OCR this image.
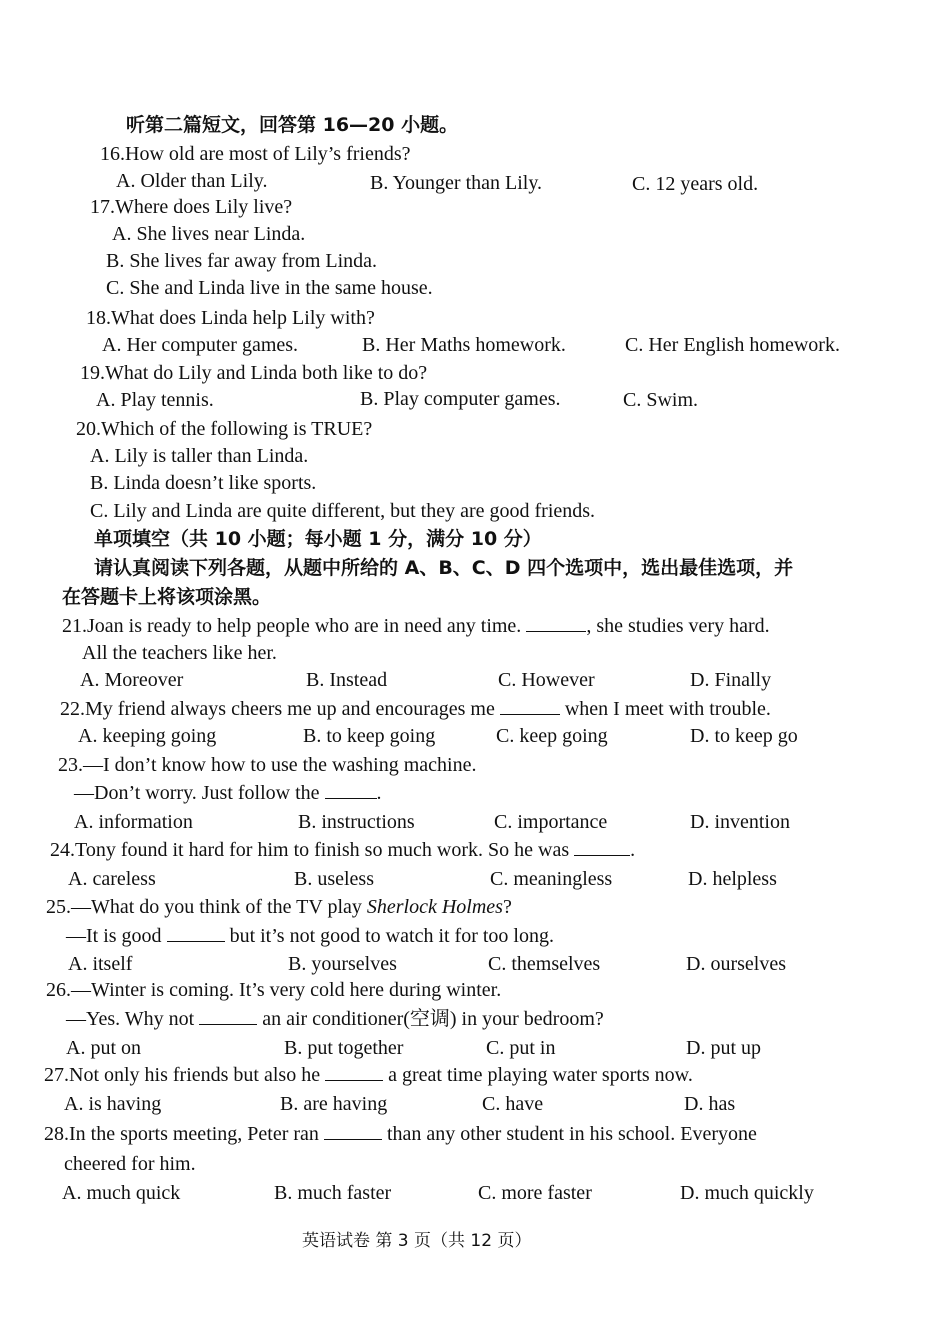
听第二篇短文，回答第 16—20 小题。
16.How old are most of Lily’s friends?
A. Older than Lily.	B. Younger than Lily.	C. 12 years old.
17.Where does Lily live?
A. She lives near Linda.
B. She lives far away from Linda.
C. She and Linda live in the same house.
18.What does Linda help Lily with?
A. Her computer games.	B. Her Maths homework.	C. Her English homework.
19.What do Lily and Linda both like to do?
A. Play tennis.	B. Play computer games.	C. Swim.
20.Which of the following is TRUE?
A. Lily is taller than Linda.
B. Linda doesn’t like sports.
C. Lily and Linda are quite different, but they are good friends.
单项填空（共 10 小题；每小题 1 分，满分 10 分）
请认真阅读下列各题，从题中所给的 A、B、C、D 四个选项中，选出最佳选项，并
在答题卡上将该项涂黑。
21.Joan is ready to help people who are in need any time.	, she studies very hard.
All the teachers like her.
A. Moreover	B. Instead	C. However	D. Finally
22.My friend always cheers me up and encourages me	when I meet with trouble.
A. keeping going	B. to keep going	C. keep going	D. to keep go
23.—I don’t know how to use the washing machine.
—Don’t worry. Just follow the	.
A. information	B. instructions	C. importance	D. invention
24.Tony found it hard for him to finish so much work. So he was	.
A. careless	B. useless	C. meaningless	D. helpless
25.—What do you think of the TV play Sherlock Holmes?
—It is good	but it’s not good to watch it for too long.
A. itself	B. yourselves	C. themselves	D. ourselves
26.—Winter is coming. It’s very cold here during winter.
—Yes. Why not	an air conditioner(空调) in your bedroom?
A. put on	B. put together	C. put in	D. put up
27.Not only his friends but also he	a great time playing water sports now.
A. is having	B. are having	C. have	D. has
28.In the sports meeting, Peter ran	than any other student in his school. Everyone
cheered for him.
A. much quick	B. much faster	C. more faster	D. much quickly
英语试卷 第 3 页（共 12 页）
